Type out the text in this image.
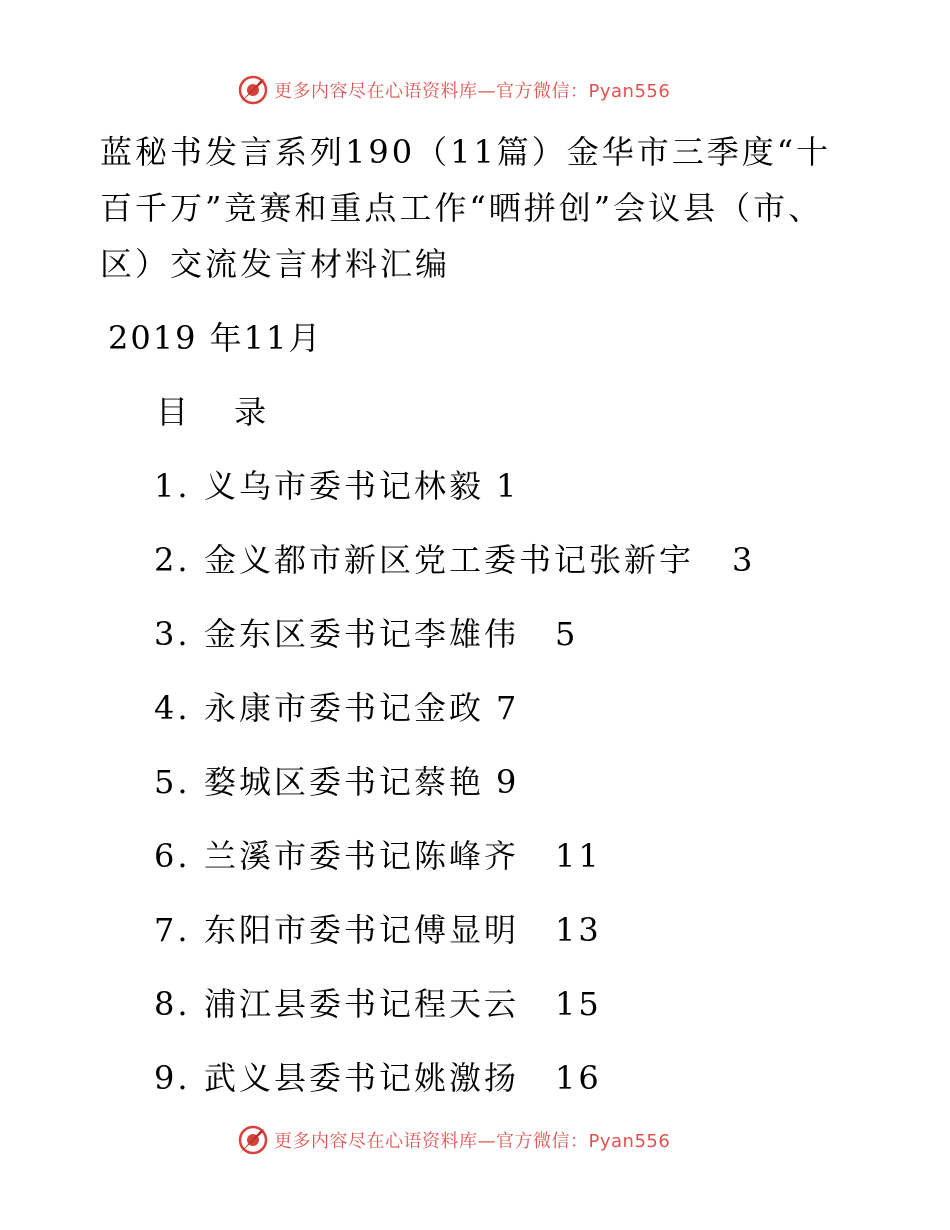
更多内容尽在心语资料库—官方微信：Pyan556
蓝秘书发言系列190（11篇）金华市三季度“十百千万”竞赛和重点工作“晒拼创”会议县（市、区）交流发言材料汇编

2019 年11月

目 录
1. 义乌市委书记林毅 1
2. 金义都市新区党工委书记张新宇 3
3. 金东区委书记李雄伟 5
4. 永康市委书记金政 7
5. 婺城区委书记蔡艳 9
6. 兰溪市委书记陈峰齐 11
7. 东阳市委书记傅显明 13
8. 浦江县委书记程天云 15
9. 武义县委书记姚激扬 16
更多内容尽在心语资料库—官方微信：Pyan556
